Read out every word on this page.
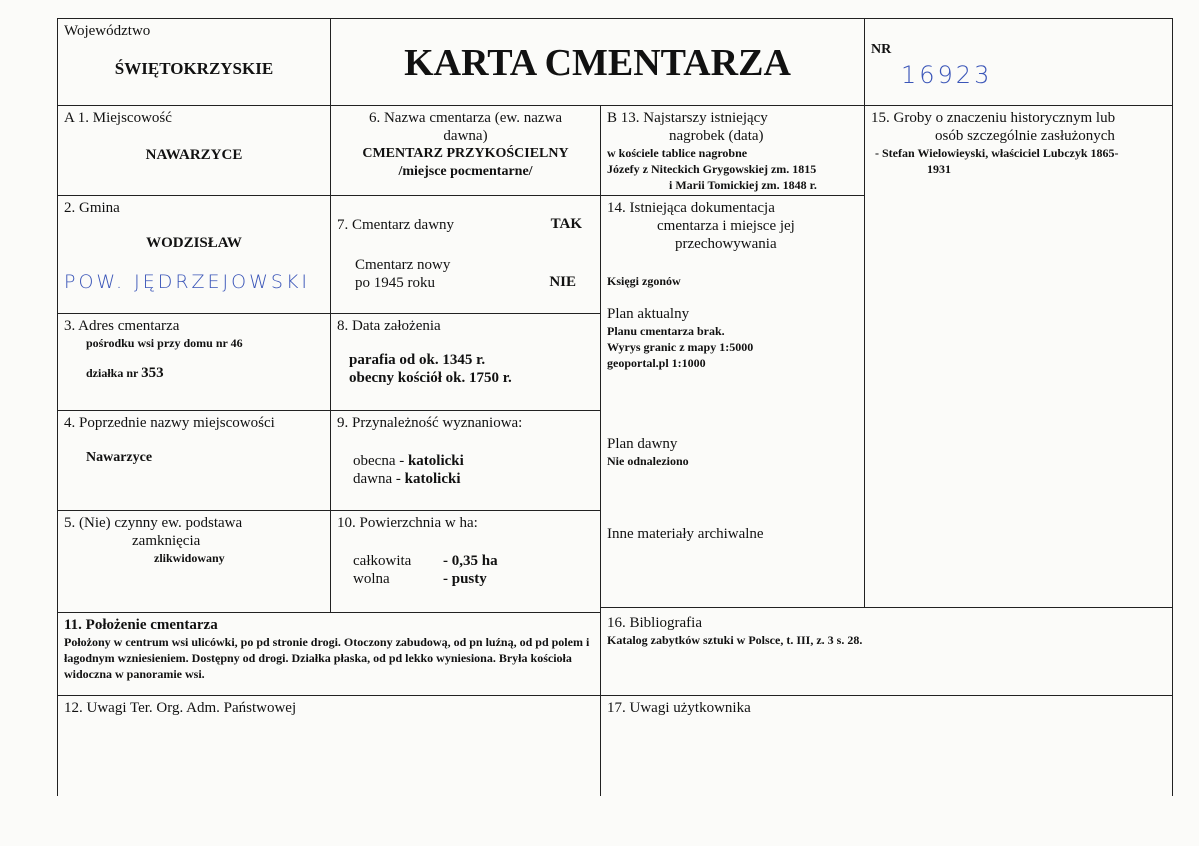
Województwo
ŚWIĘTOKRZYSKIE	KARTA CMENTARZA	NR
16923
A 1. Miejscowość
NAWARZYCE
2. Gmina
WODZISŁAW
POW. JĘDRZEJOWSKI
3. Adres cmentarza
pośrodku wsi przy domu nr 46
działka nr 353
4. Poprzednie nazwy miejscowości
Nawarzyce
5. (Nie) czynny ew. podstawa
zamknięcia
zlikwidowany
6. Nazwa cmentarza (ew. nazwa
dawna)
CMENTARZ PRZYKOŚCIELNY
/miejsce pocmentarne/
7. Cmentarz dawny	TAK
Cmentarz nowy
po 1945 roku	NIE
8. Data założenia
parafia od ok. 1345 r.
obecny kościół ok. 1750 r.
9. Przynależność wyznaniowa:
obecna - katolicki
dawna - katolicki
10. Powierzchnia w ha:
całkowita	- 0,35 ha
wolna	- pusty
B 13. Najstarszy istniejący
nagrobek (data)
w kościele tablice nagrobne
Józefy z Niteckich Grygowskiej zm. 1815
i Marii Tomickiej zm. 1848 r.
14. Istniejąca dokumentacja
cmentarza i miejsce jej
przechowywania
Księgi zgonów
Plan aktualny
Planu cmentarza brak.
Wyrys granic z mapy 1:5000
geoportal.pl 1:1000
Plan dawny
Nie odnaleziono
Inne materiały archiwalne
15. Groby o znaczeniu historycznym lub
osób szczególnie zasłużonych
- Stefan Wielowieyski, właściciel Lubczyk 1865-
1931
11. Położenie cmentarza
Położony w centrum wsi ulicówki, po pd stronie drogi. Otoczony zabudową, od pn luźną, od pd polem i łagodnym wzniesieniem. Dostępny od drogi. Działka płaska, od pd lekko wyniesiona. Bryła kościoła widoczna w panoramie wsi.
16. Bibliografia
Katalog zabytków sztuki w Polsce, t. III, z. 3 s. 28.
12. Uwagi Ter. Org. Adm. Państwowej	17. Uwagi użytkownika
